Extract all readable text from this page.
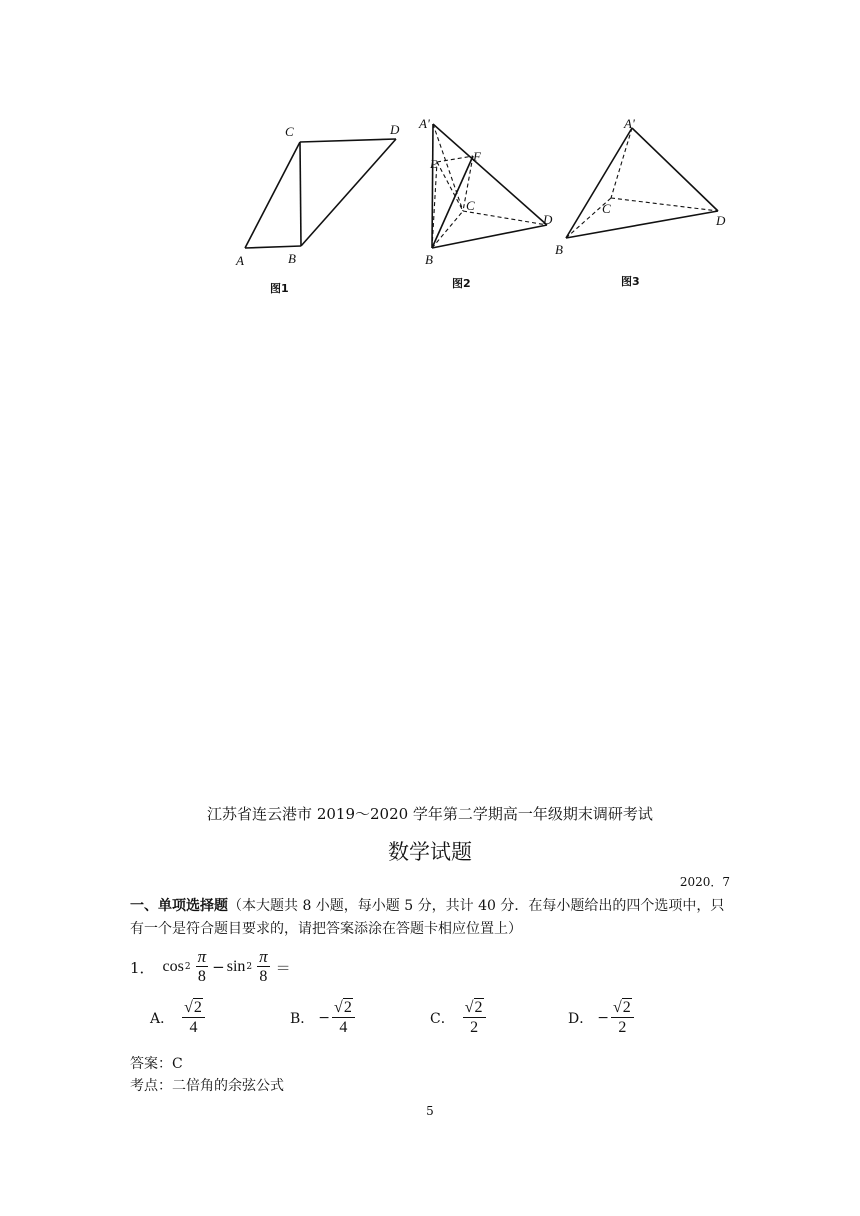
C	D
A	B
图1
A'
E	F
C
D
B
图2
A'
C
D
B
图3
江苏省连云港市 2019～2020 学年第二学期高一年级期末调研考试
数学试题
2020．7
一、单项选择题（本大题共 8 小题，每小题 5 分，共计 40 分．在每小题给出的四个选项中，只有一个是符合题目要求的，请把答案添涂在答题卡相应位置上）
1． $\cos 2 \frac{\pi}{8} - \sin 2 \frac{\pi}{8}$ ＝
A． $\frac{√2}{4}$	B． − $\frac{√2}{4}$	C． $\frac{√2}{2}$	D． − $\frac{√2}{2}$
答案：C
考点：二倍角的余弦公式
5
